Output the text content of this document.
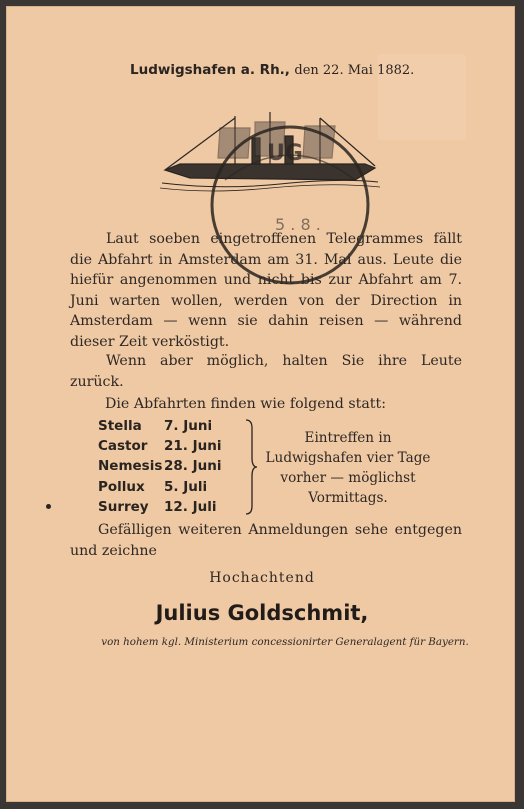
Ludwigshafen a. Rh., den 22. Mai 1882.
UG
5 . 8 .

Laut soeben eingetroffenen Telegrammes fällt die Abfahrt in Amsterdam am 31. Mai aus. Leute die hiefür angenommen und nicht bis zur Abfahrt am 7. Juni warten wollen, werden von der Direction in Amsterdam — wenn sie dahin reisen — während dieser Zeit verköstigt.

Wenn aber möglich, halten Sie ihre Leute zurück.

Die Abfahrten finden wie folgend statt:

Stella	7. Juni
Castor	21. Juni
Nemesis 28. Juni
Pollux	5. Juli
Surrey	12. Juli
Eintreffen in Ludwigshafen vier Tage vorher — möglichst Vormittags.

Gefälligen weiteren Anmeldungen sehe entgegen und zeichne

Hochachtend
Julius Goldschmit,
von hohem kgl. Ministerium concessionirter Generalagent für Bayern.
